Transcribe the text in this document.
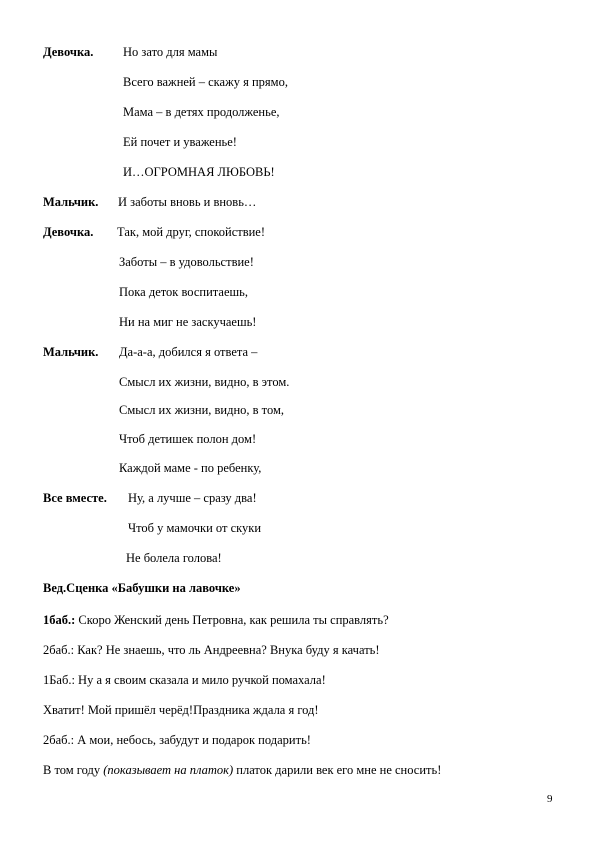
Девочка. Но зато для мамы
Всего важней – скажу я прямо,
Мама – в детях продолженье,
Ей почет и уваженье!
И…ОГРОМНАЯ ЛЮБОВЬ!
Мальчик. И заботы вновь и вновь…
Девочка. Так, мой друг, спокойствие!
Заботы – в удовольствие!
Пока деток воспитаешь,
Ни на миг не заскучаешь!
Мальчик. Да-а-а, добился я ответа –
Смысл их жизни, видно, в этом.
Смысл их жизни, видно, в том,
Чтоб детишек полон дом!
Каждой маме - по ребенку,
Все вместе. Ну, а лучше – сразу два!
Чтоб у мамочки от скуки
Не болела голова!
Вед.Сценка «Бабушки на лавочке»
1баб.: Скоро Женский день Петровна, как решила ты справлять?
2баб.: Как? Не знаешь, что ль Андреевна? Внука буду я качать!
1Баб.: Ну а я своим сказала и мило ручкой помахала!
Хватит! Мой пришёл черёд!Праздника ждала я год!
2баб.: А мои, небось, забудут и подарок подарить!
В том году (показывает на платок) платок дарили век его мне не сносить!
9
